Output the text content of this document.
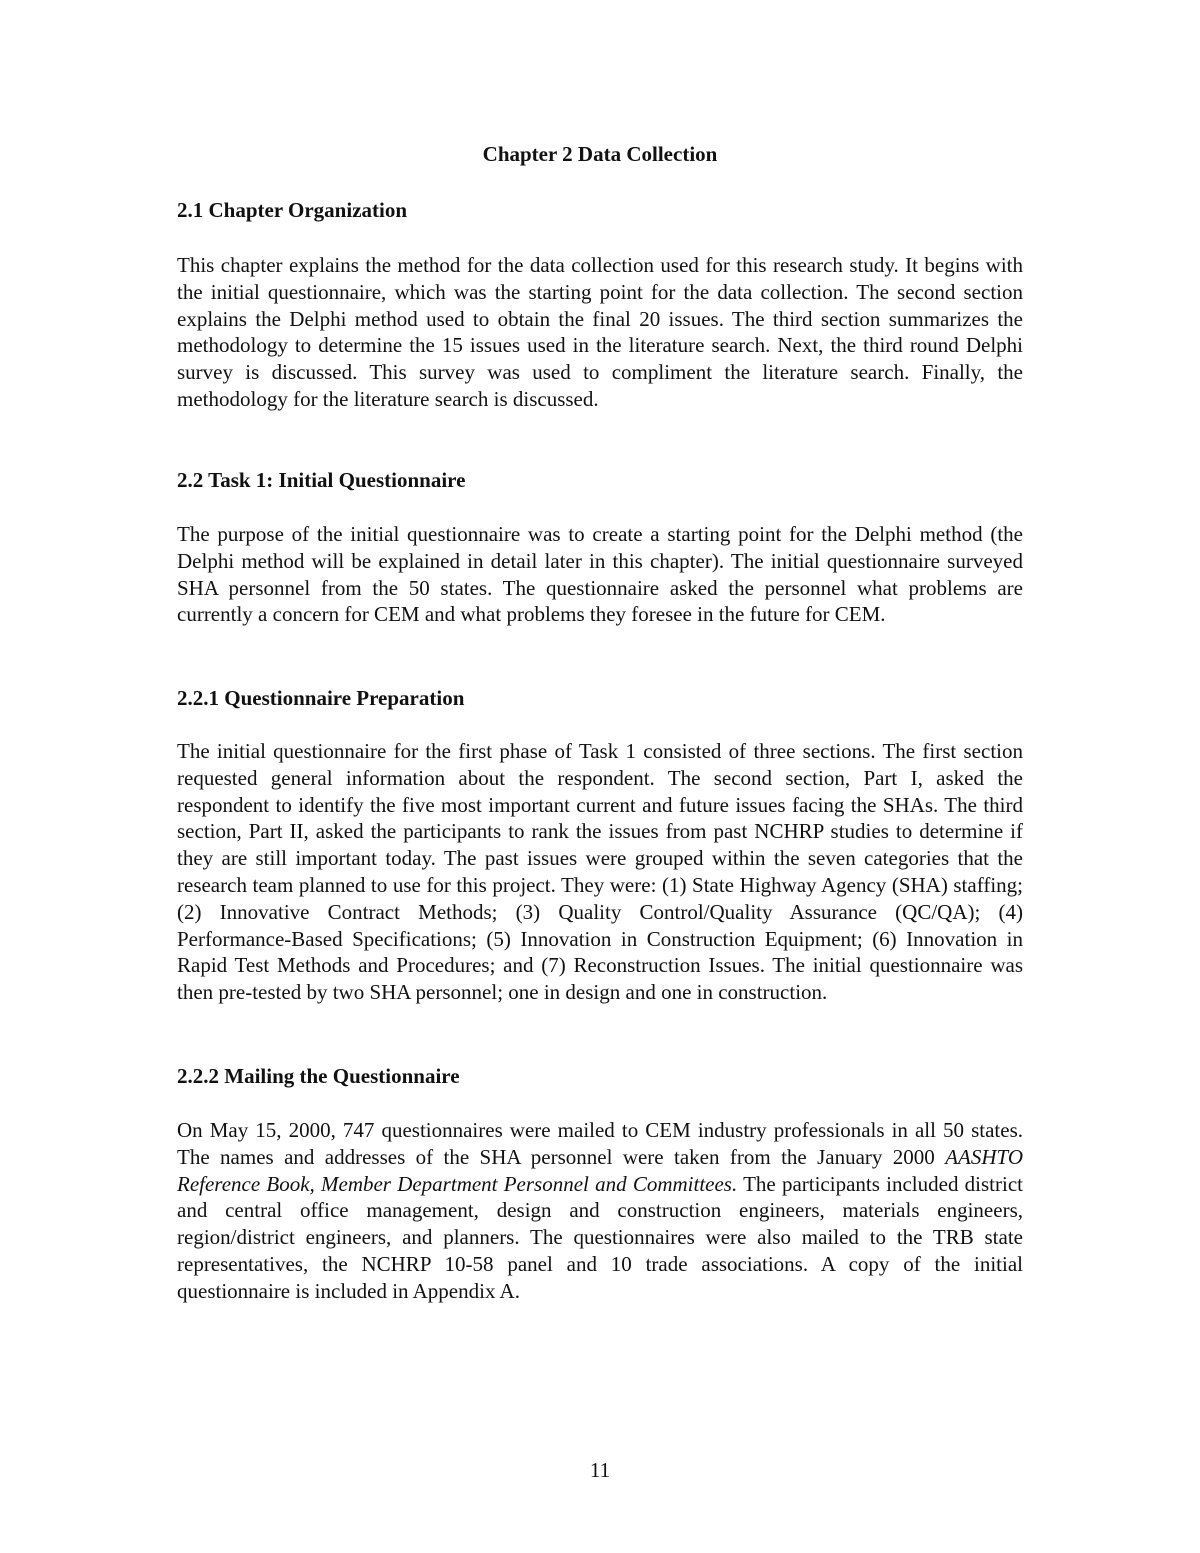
Chapter 2 Data Collection
2.1 Chapter Organization

This chapter explains the method for the data collection used for this research study. It begins with the initial questionnaire, which was the starting point for the data collection. The second section explains the Delphi method used to obtain the final 20 issues. The third section summarizes the methodology to determine the 15 issues used in the literature search. Next, the third round Delphi survey is discussed. This survey was used to compliment the literature search. Finally, the methodology for the literature search is discussed.

2.2 Task 1: Initial Questionnaire

The purpose of the initial questionnaire was to create a starting point for the Delphi method (the Delphi method will be explained in detail later in this chapter). The initial questionnaire surveyed SHA personnel from the 50 states. The questionnaire asked the personnel what problems are currently a concern for CEM and what problems they foresee in the future for CEM.

2.2.1 Questionnaire Preparation

The initial questionnaire for the first phase of Task 1 consisted of three sections. The first section requested general information about the respondent. The second section, Part I, asked the respondent to identify the five most important current and future issues facing the SHAs. The third section, Part II, asked the participants to rank the issues from past NCHRP studies to determine if they are still important today. The past issues were grouped within the seven categories that the research team planned to use for this project. They were: (1) State Highway Agency (SHA) staffing; (2) Innovative Contract Methods; (3) Quality Control/Quality Assurance (QC/QA); (4) Performance-Based Specifications; (5) Innovation in Construction Equipment; (6) Innovation in Rapid Test Methods and Procedures; and (7) Reconstruction Issues. The initial questionnaire was then pre-tested by two SHA personnel; one in design and one in construction.

2.2.2 Mailing the Questionnaire

On May 15, 2000, 747 questionnaires were mailed to CEM industry professionals in all 50 states. The names and addresses of the SHA personnel were taken from the January 2000 AASHTO Reference Book, Member Department Personnel and Committees. The participants included district and central office management, design and construction engineers, materials engineers, region/district engineers, and planners. The questionnaires were also mailed to the TRB state representatives, the NCHRP 10-58 panel and 10 trade associations. A copy of the initial questionnaire is included in Appendix A.

11
